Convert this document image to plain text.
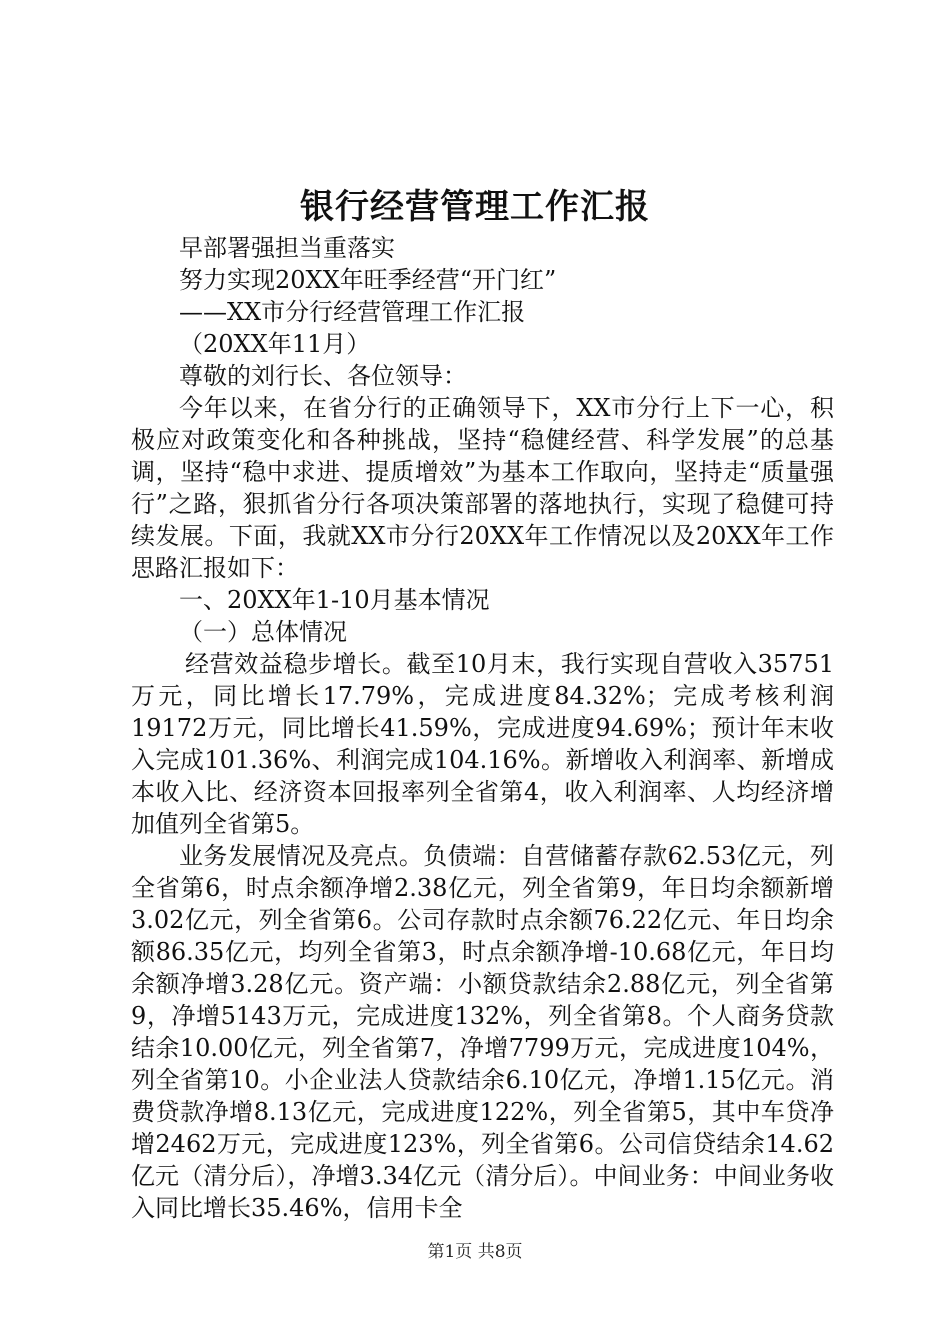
银行经营管理工作汇报

早部署强担当重落实

努力实现20XX年旺季经营“开门红”

——XX市分行经营管理工作汇报

（20XX年11月）

尊敬的刘行长、各位领导：

今年以来，在省分行的正确领导下，XX市分行上下一心，积极应对政策变化和各种挑战，坚持“稳健经营、科学发展”的总基调，坚持“稳中求进、提质增效”为基本工作取向，坚持走“质量强行”之路，狠抓省分行各项决策部署的落地执行，实现了稳健可持续发展。下面，我就XX市分行20XX年工作情况以及20XX年工作思路汇报如下：

一、20XX年1-10月基本情况

（一）总体情况

经营效益稳步增长。截至10月末，我行实现自营收入35751万元，同比增长17.79%，完成进度84.32%；完成考核利润19172万元，同比增长41.59%，完成进度94.69%；预计年末收入完成101.36%、利润完成104.16%。新增收入利润率、新增成本收入比、经济资本回报率列全省第4，收入利润率、人均经济增加值列全省第5。

业务发展情况及亮点。负债端：自营储蓄存款62.53亿元，列全省第6，时点余额净增2.38亿元，列全省第9，年日均余额新增3.02亿元，列全省第6。公司存款时点余额76.22亿元、年日均余额86.35亿元，均列全省第3，时点余额净增-10.68亿元，年日均余额净增3.28亿元。资产端：小额贷款结余2.88亿元，列全省第9，净增5143万元，完成进度132%，列全省第8。个人商务贷款结余10.00亿元，列全省第7，净增7799万元，完成进度104%，列全省第10。小企业法人贷款结余6.10亿元，净增1.15亿元。消费贷款净增8.13亿元，完成进度122%，列全省第5，其中车贷净增2462万元，完成进度123%，列全省第6。公司信贷结余14.62亿元（清分后），净增3.34亿元（清分后）。中间业务：中间业务收入同比增长35.46%，信用卡全

第1页 共8页
